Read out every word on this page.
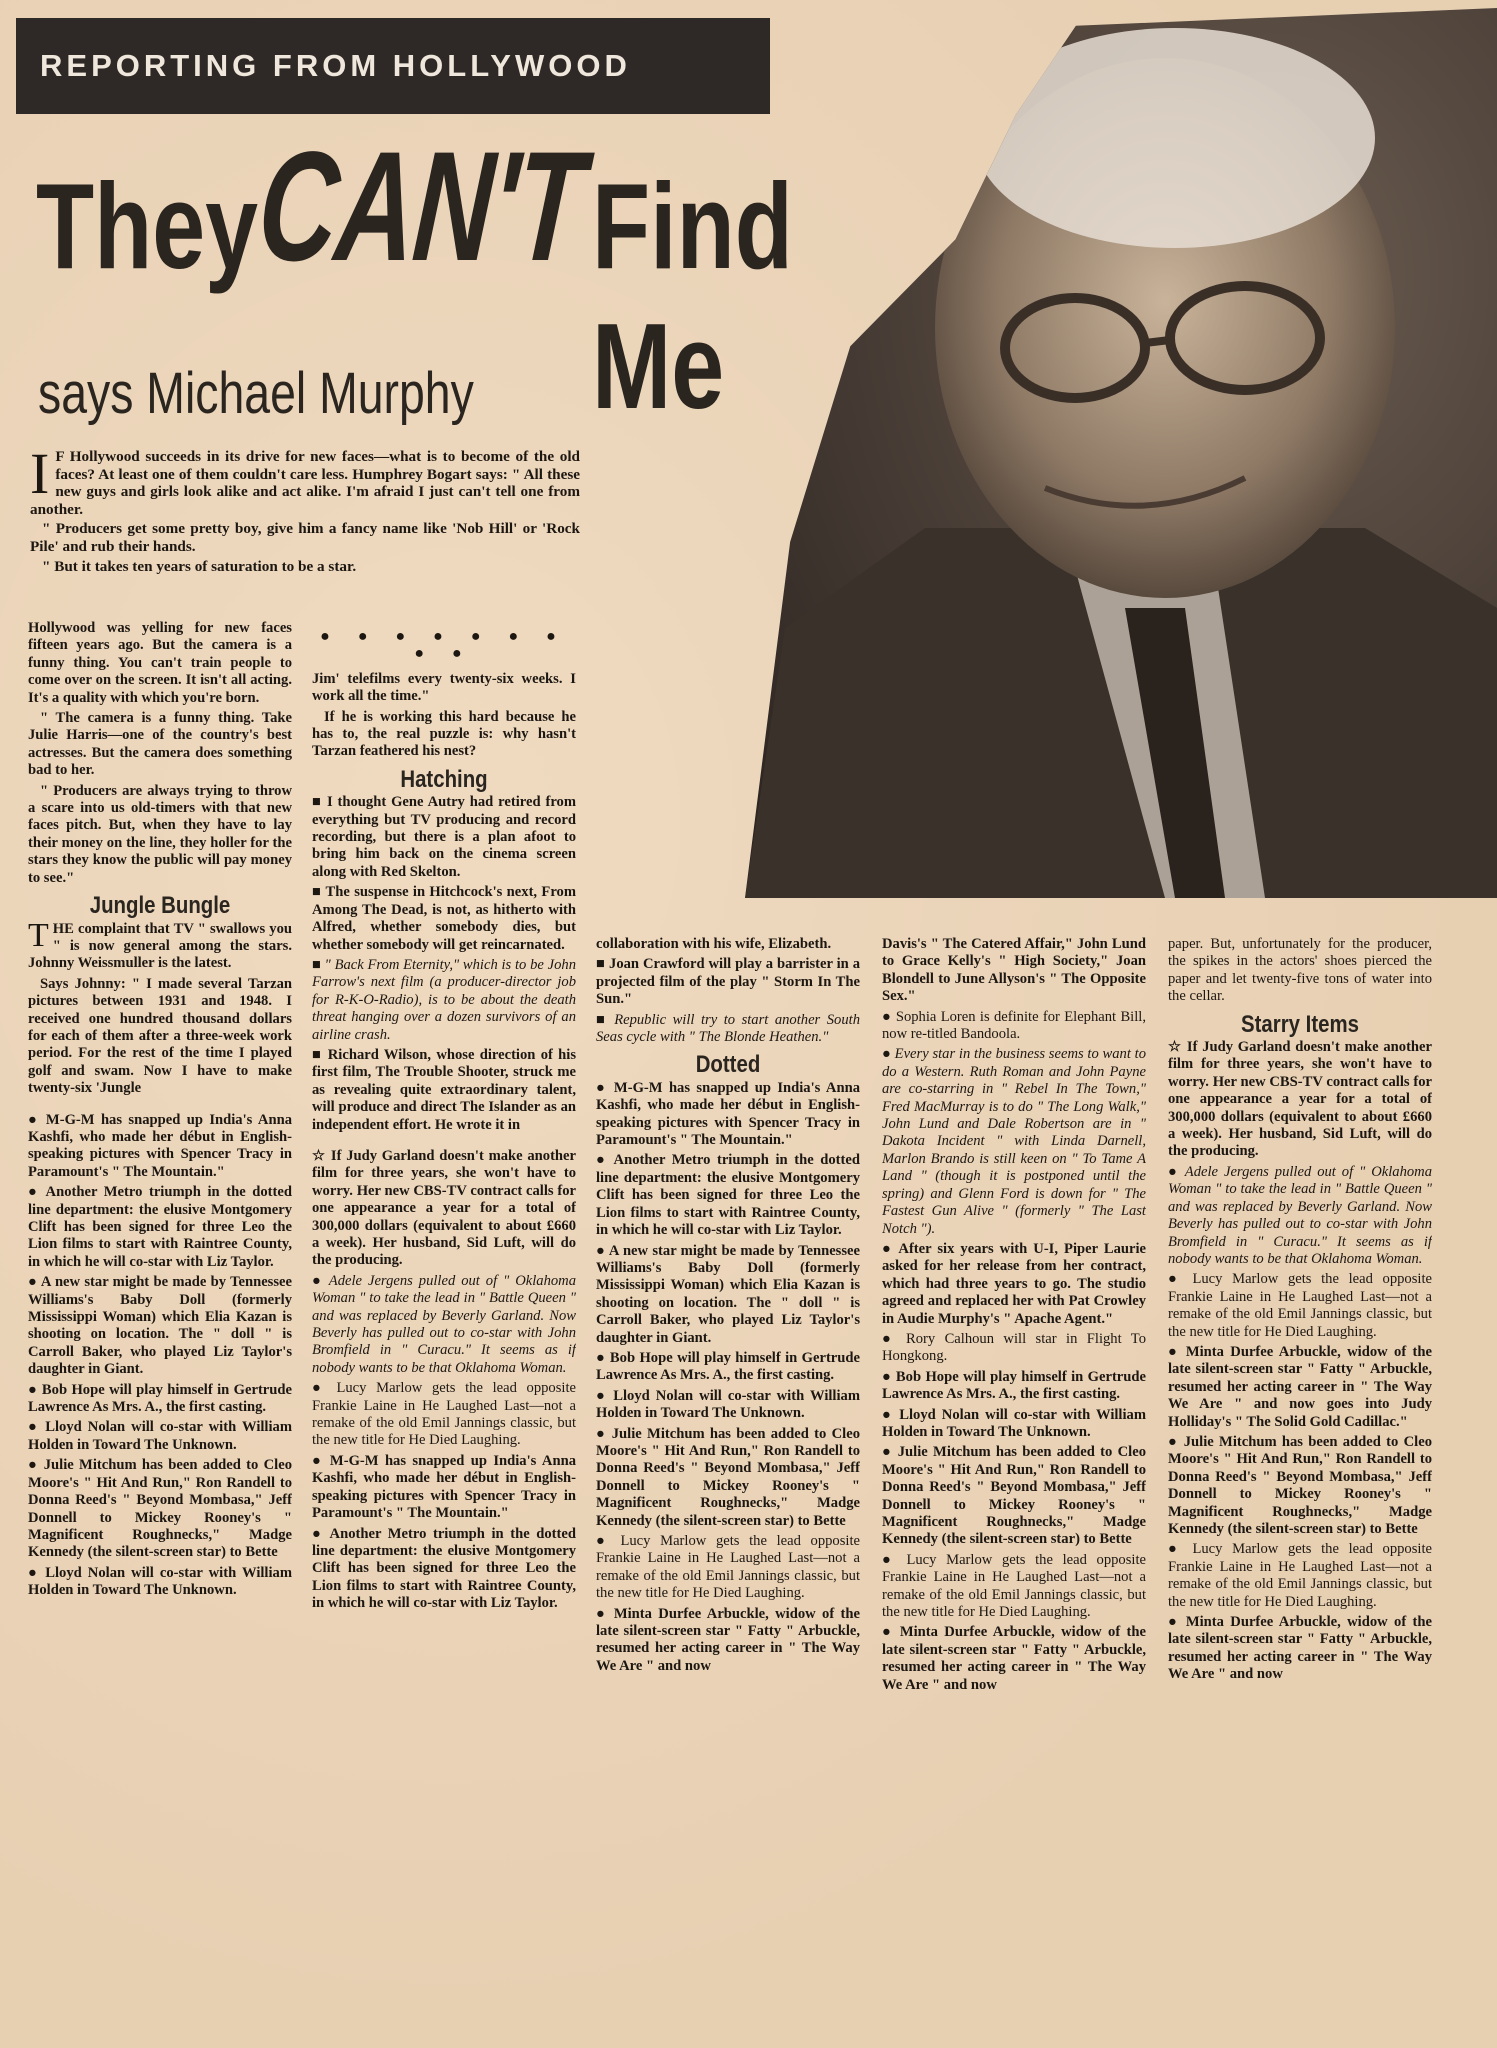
REPORTING FROM HOLLYWOOD
They
CAN'T Find Me
says Michael Murphy

I F Hollywood succeeds in its drive for new faces—what is to become of the old faces? At least one of them couldn't care less. Humphrey Bogart says: " All these new guys and girls look alike and act alike. I'm afraid I just can't tell one from another.

" Producers get some pretty boy, give him a fancy name like 'Nob Hill' or 'Rock Pile' and rub their hands.

" But it takes ten years of saturation to be a star.

Hollywood was yelling for new faces fifteen years ago. But the camera is a funny thing. You can't train people to come over on the screen. It isn't all acting. It's a quality with which you're born.

" The camera is a funny thing. Take Julie Harris—one of the country's best actresses. But the camera does something bad to her.

" Producers are always trying to throw a scare into us old-timers with that new faces pitch. But, when they have to lay their money on the line, they holler for the stars they know the public will pay money to see."

Jungle Bungle

THE complaint that TV " swallows you " is now general among the stars. Johnny Weissmuller is the latest.

Says Johnny: " I made several Tarzan pictures between 1931 and 1948. I received one hundred thousand dollars for each of them after a three-week work period. For the rest of the time I played golf and swam. Now I have to make twenty-six 'Jungle

● M-G-M has snapped up India's Anna Kashfi, who made her début in English-speaking pictures with Spencer Tracy in Paramount's " The Mountain."

● Another Metro triumph in the dotted line department: the elusive Montgomery Clift has been signed for three Leo the Lion films to start with Raintree County, in which he will co-star with Liz Taylor.

● A new star might be made by Tennessee Williams's Baby Doll (formerly Mississippi Woman) which Elia Kazan is shooting on location. The " doll " is Carroll Baker, who played Liz Taylor's daughter in Giant.

● Bob Hope will play himself in Gertrude Lawrence As Mrs. A., the first casting.

● Lloyd Nolan will co-star with William Holden in Toward The Unknown.

● Julie Mitchum has been added to Cleo Moore's " Hit And Run," Ron Randell to Donna Reed's " Beyond Mombasa," Jeff Donnell to Mickey Rooney's " Magnificent Roughnecks," Madge Kennedy (the silent-screen star) to Bette

● Lloyd Nolan will co-star with William Holden in Toward The Unknown.

● ● ● ● ● ● ● ● ●

Jim' telefilms every twenty-six weeks. I work all the time."

If he is working this hard because he has to, the real puzzle is: why hasn't Tarzan feathered his nest?

Hatching

■ I thought Gene Autry had retired from everything but TV producing and record recording, but there is a plan afoot to bring him back on the cinema screen along with Red Skelton.

■ The suspense in Hitchcock's next, From Among The Dead, is not, as hitherto with Alfred, whether somebody dies, but whether somebody will get reincarnated.

■ " Back From Eternity," which is to be John Farrow's next film (a producer-director job for R-K-O-Radio), is to be about the death threat hanging over a dozen survivors of an airline crash.

■ Richard Wilson, whose direction of his first film, The Trouble Shooter, struck me as revealing quite extraordinary talent, will produce and direct The Islander as an independent effort. He wrote it in

☆ If Judy Garland doesn't make another film for three years, she won't have to worry. Her new CBS-TV contract calls for one appearance a year for a total of 300,000 dollars (equivalent to about £660 a week). Her husband, Sid Luft, will do the producing.

● Adele Jergens pulled out of " Oklahoma Woman " to take the lead in " Battle Queen " and was replaced by Beverly Garland. Now Beverly has pulled out to co-star with John Bromfield in " Curacu." It seems as if nobody wants to be that Oklahoma Woman.

● Lucy Marlow gets the lead opposite Frankie Laine in He Laughed Last—not a remake of the old Emil Jannings classic, but the new title for He Died Laughing.

● M-G-M has snapped up India's Anna Kashfi, who made her début in English-speaking pictures with Spencer Tracy in Paramount's " The Mountain."

● Another Metro triumph in the dotted line department: the elusive Montgomery Clift has been signed for three Leo the Lion films to start with Raintree County, in which he will co-star with Liz Taylor.

collaboration with his wife, Elizabeth.

■ Joan Crawford will play a barrister in a projected film of the play " Storm In The Sun."

■ Republic will try to start another South Seas cycle with " The Blonde Heathen."

Dotted

● M-G-M has snapped up India's Anna Kashfi, who made her début in English-speaking pictures with Spencer Tracy in Paramount's " The Mountain."

● Another Metro triumph in the dotted line department: the elusive Montgomery Clift has been signed for three Leo the Lion films to start with Raintree County, in which he will co-star with Liz Taylor.

● A new star might be made by Tennessee Williams's Baby Doll (formerly Mississippi Woman) which Elia Kazan is shooting on location. The " doll " is Carroll Baker, who played Liz Taylor's daughter in Giant.

● Bob Hope will play himself in Gertrude Lawrence As Mrs. A., the first casting.

● Lloyd Nolan will co-star with William Holden in Toward The Unknown.

● Julie Mitchum has been added to Cleo Moore's " Hit And Run," Ron Randell to Donna Reed's " Beyond Mombasa," Jeff Donnell to Mickey Rooney's " Magnificent Roughnecks," Madge Kennedy (the silent-screen star) to Bette

● Lucy Marlow gets the lead opposite Frankie Laine in He Laughed Last—not a remake of the old Emil Jannings classic, but the new title for He Died Laughing.

● Minta Durfee Arbuckle, widow of the late silent-screen star " Fatty " Arbuckle, resumed her acting career in " The Way We Are " and now

Davis's " The Catered Affair," John Lund to Grace Kelly's " High Society," Joan Blondell to June Allyson's " The Opposite Sex."

● Sophia Loren is definite for Elephant Bill, now re-titled Bandoola.

● Every star in the business seems to want to do a Western. Ruth Roman and John Payne are co-starring in " Rebel In The Town," Fred MacMurray is to do " The Long Walk," John Lund and Dale Robertson are in " Dakota Incident " with Linda Darnell, Marlon Brando is still keen on " To Tame A Land " (though it is postponed until the spring) and Glenn Ford is down for " The Fastest Gun Alive " (formerly " The Last Notch ").

● After six years with U-I, Piper Laurie asked for her release from her contract, which had three years to go. The studio agreed and replaced her with Pat Crowley in Audie Murphy's " Apache Agent."

● Rory Calhoun will star in Flight To Hongkong.

● Bob Hope will play himself in Gertrude Lawrence As Mrs. A., the first casting.

● Lloyd Nolan will co-star with William Holden in Toward The Unknown.

● Julie Mitchum has been added to Cleo Moore's " Hit And Run," Ron Randell to Donna Reed's " Beyond Mombasa," Jeff Donnell to Mickey Rooney's " Magnificent Roughnecks," Madge Kennedy (the silent-screen star) to Bette

● Lucy Marlow gets the lead opposite Frankie Laine in He Laughed Last—not a remake of the old Emil Jannings classic, but the new title for He Died Laughing.

● Minta Durfee Arbuckle, widow of the late silent-screen star " Fatty " Arbuckle, resumed her acting career in " The Way We Are " and now

paper. But, unfortunately for the producer, the spikes in the actors' shoes pierced the paper and let twenty-five tons of water into the cellar.

Starry Items

☆ If Judy Garland doesn't make another film for three years, she won't have to worry. Her new CBS-TV contract calls for one appearance a year for a total of 300,000 dollars (equivalent to about £660 a week). Her husband, Sid Luft, will do the producing.

● Adele Jergens pulled out of " Oklahoma Woman " to take the lead in " Battle Queen " and was replaced by Beverly Garland. Now Beverly has pulled out to co-star with John Bromfield in " Curacu." It seems as if nobody wants to be that Oklahoma Woman.

● Lucy Marlow gets the lead opposite Frankie Laine in He Laughed Last—not a remake of the old Emil Jannings classic, but the new title for He Died Laughing.

● Minta Durfee Arbuckle, widow of the late silent-screen star " Fatty " Arbuckle, resumed her acting career in " The Way We Are " and now goes into Judy Holliday's " The Solid Gold Cadillac."

● Julie Mitchum has been added to Cleo Moore's " Hit And Run," Ron Randell to Donna Reed's " Beyond Mombasa," Jeff Donnell to Mickey Rooney's " Magnificent Roughnecks," Madge Kennedy (the silent-screen star) to Bette

● Lucy Marlow gets the lead opposite Frankie Laine in He Laughed Last—not a remake of the old Emil Jannings classic, but the new title for He Died Laughing.

● Minta Durfee Arbuckle, widow of the late silent-screen star " Fatty " Arbuckle, resumed her acting career in " The Way We Are " and now
